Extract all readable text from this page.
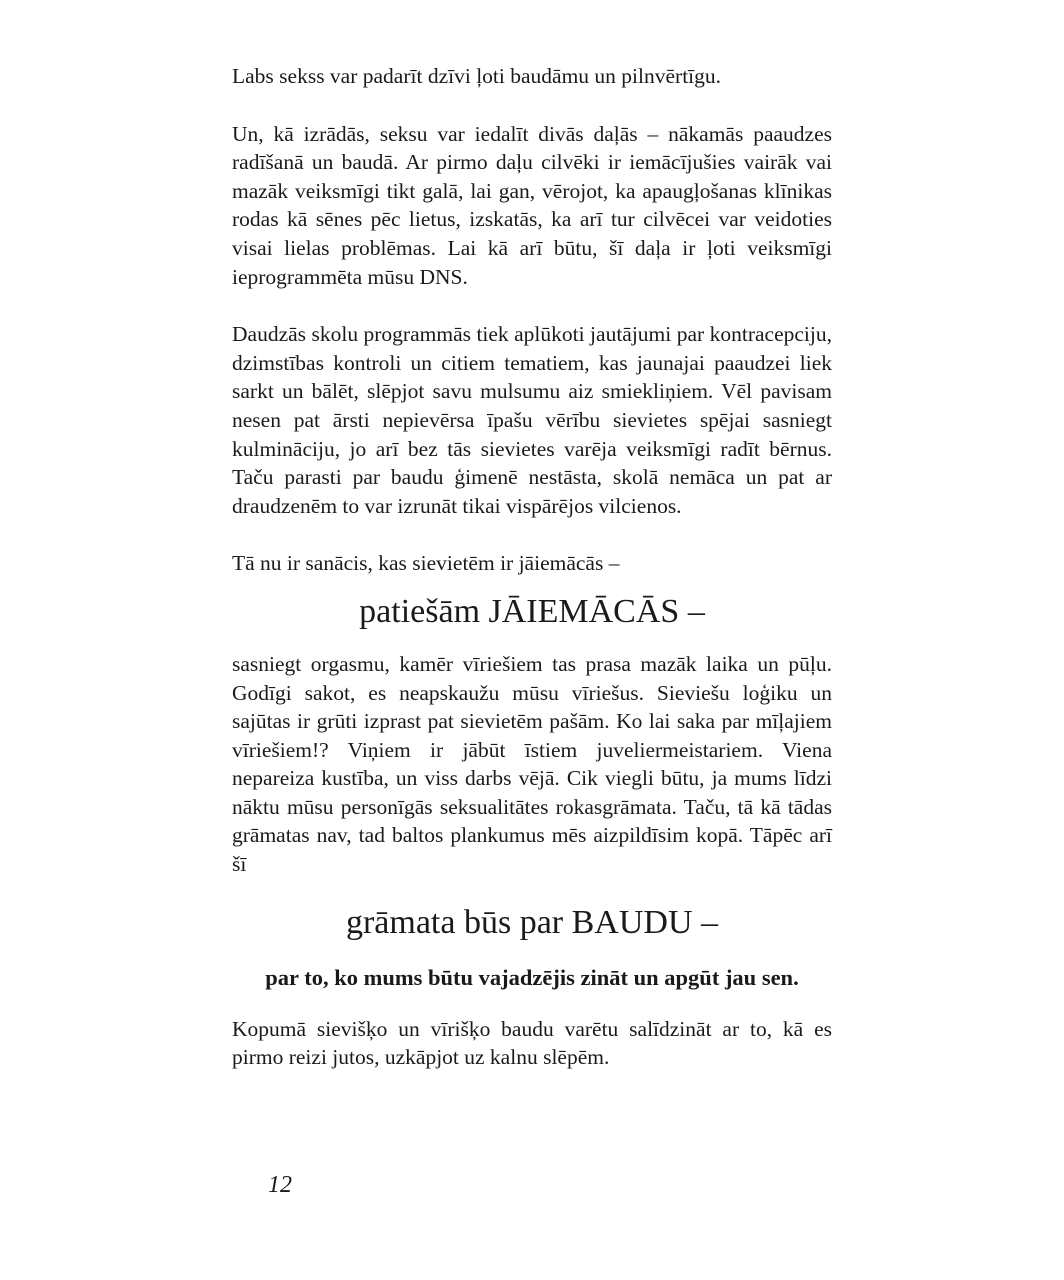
Labs sekss var padarīt dzīvi ļoti baudāmu un pilnvērtīgu.

Un, kā izrādās, seksu var iedalīt divās daļās – nākamās paaudzes radīšanā un baudā. Ar pirmo daļu cilvēki ir iemācījušies vairāk vai mazāk veiksmīgi tikt galā, lai gan, vērojot, ka apaugļošanas klīnikas rodas kā sēnes pēc lietus, izskatās, ka arī tur cilvēcei var veidoties visai lielas problēmas. Lai kā arī būtu, šī daļa ir ļoti veiksmīgi ieprogrammēta mūsu DNS.

Daudzās skolu programmās tiek aplūkoti jautājumi par kontracepciju, dzimstības kontroli un citiem tematiem, kas jaunajai paaudzei liek sarkt un bālēt, slēpjot savu mulsumu aiz smiekliņiem. Vēl pavisam nesen pat ārsti nepievērsa īpašu vērību sievietes spējai sasniegt kulmināciju, jo arī bez tās sievietes varēja veiksmīgi radīt bērnus. Taču parasti par baudu ģimenē nestāsta, skolā nemāca un pat ar draudzenēm to var izrunāt tikai vispārējos vilcienos.

Tā nu ir sanācis, kas sievietēm ir jāiemācās –

patiešām JĀIEMĀCĀS –

sasniegt orgasmu, kamēr vīriešiem tas prasa mazāk laika un pūļu. Godīgi sakot, es neapskaužu mūsu vīriešus. Sieviešu loģiku un sajūtas ir grūti izprast pat sievietēm pašām. Ko lai saka par mīļajiem vīriešiem!? Viņiem ir jābūt īstiem juveliermeistariem. Viena nepareiza kustība, un viss darbs vējā. Cik viegli būtu, ja mums līdzi nāktu mūsu personīgās seksualitātes rokasgrāmata. Taču, tā kā tādas grāmatas nav, tad baltos plankumus mēs aizpildīsim kopā. Tāpēc arī šī

grāmata būs par BAUDU –

par to, ko mums būtu vajadzējis zināt un apgūt jau sen.

Kopumā sievišķo un vīrišķo baudu varētu salīdzināt ar to, kā es pirmo reizi jutos, uzkāpjot uz kalnu slēpēm.

12
